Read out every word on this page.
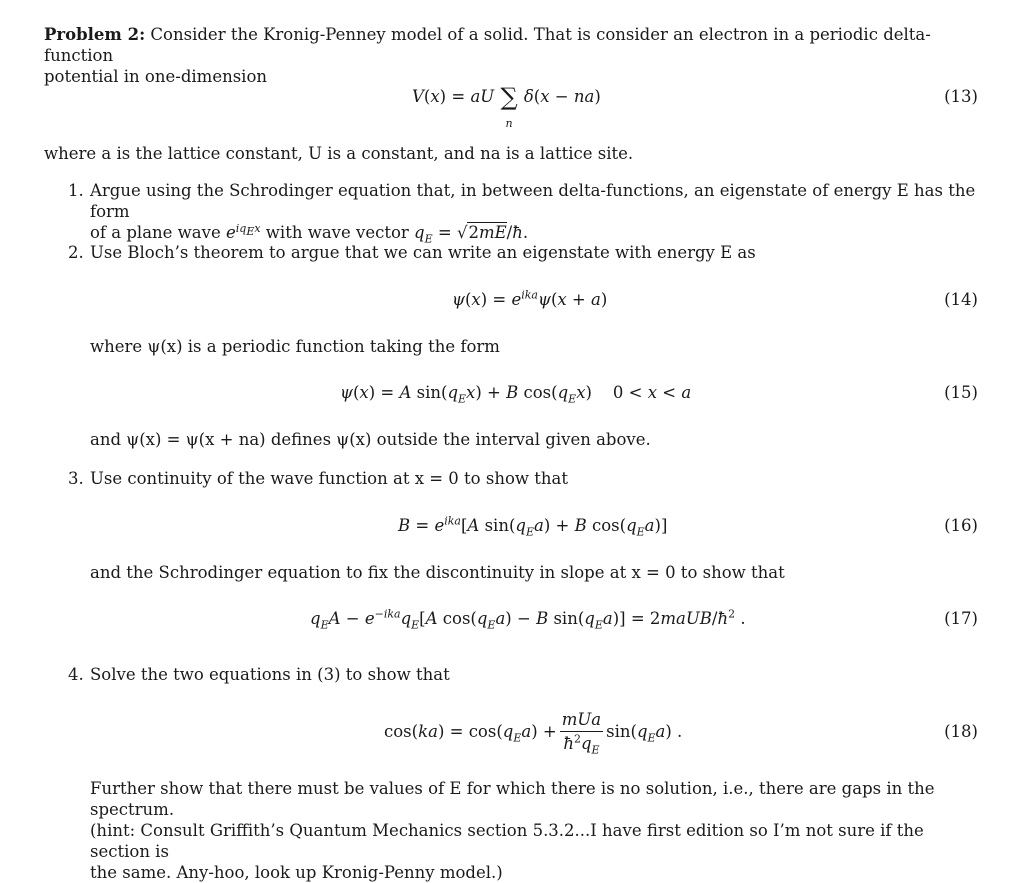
Problem 2: Consider the Kronig-Penney model of a solid. That is consider an electron in a periodic delta-function
potential in one-dimension
V(x) = aU ∑
n
δ(x − na)	(13)
where a is the lattice constant, U is a constant, and na is a lattice site.
1. Argue using the Schrodinger equation that, in between delta-functions, an eigenstate of energy E has the form
of a plane wave $e^{iq_Ex}$ with wave vector $q_E$ = √2mE/ħ.
2. Use Bloch’s theorem to argue that we can write an eigenstate with energy E as
$\psi(x) = e^{ika}\psi(x + a)$	(14)
where ψ(x) is a periodic function taking the form
ψ(x) = A $\sin(q_Ex) + B$ $\cos(q_Ex)$    0 < x < a	(15)
and ψ(x) = ψ(x + na) defines ψ(x) outside the interval given above.
3. Use continuity of the wave function at x = 0 to show that
$B = e^{ika}[A$ $\sin(q_Ea) + B$ $\cos(q_Ea)$]	(16)
and the Schrodinger equation to fix the discontinuity in slope at x = 0 to show that
$q_EA - e^{-ika}q_E[A$ $\cos(q_Ea) - B$ $\sin(q_Ea)$] = $2maUB/ħ^2$ .	(17)
4. Solve the two equations in (3) to show that
$\cos(ka) = \cos(q_Ea) + \frac{\text{mUa}}{ħ^2q_E} \sin(q_Ea)$ .	(18)
Further show that there must be values of E for which there is no solution, i.e., there are gaps in the spectrum.
(hint: Consult Griffith’s Quantum Mechanics section 5.3.2...I have first edition so I’m not sure if the section is
the same. Any-hoo, look up Kronig-Penny model.)
